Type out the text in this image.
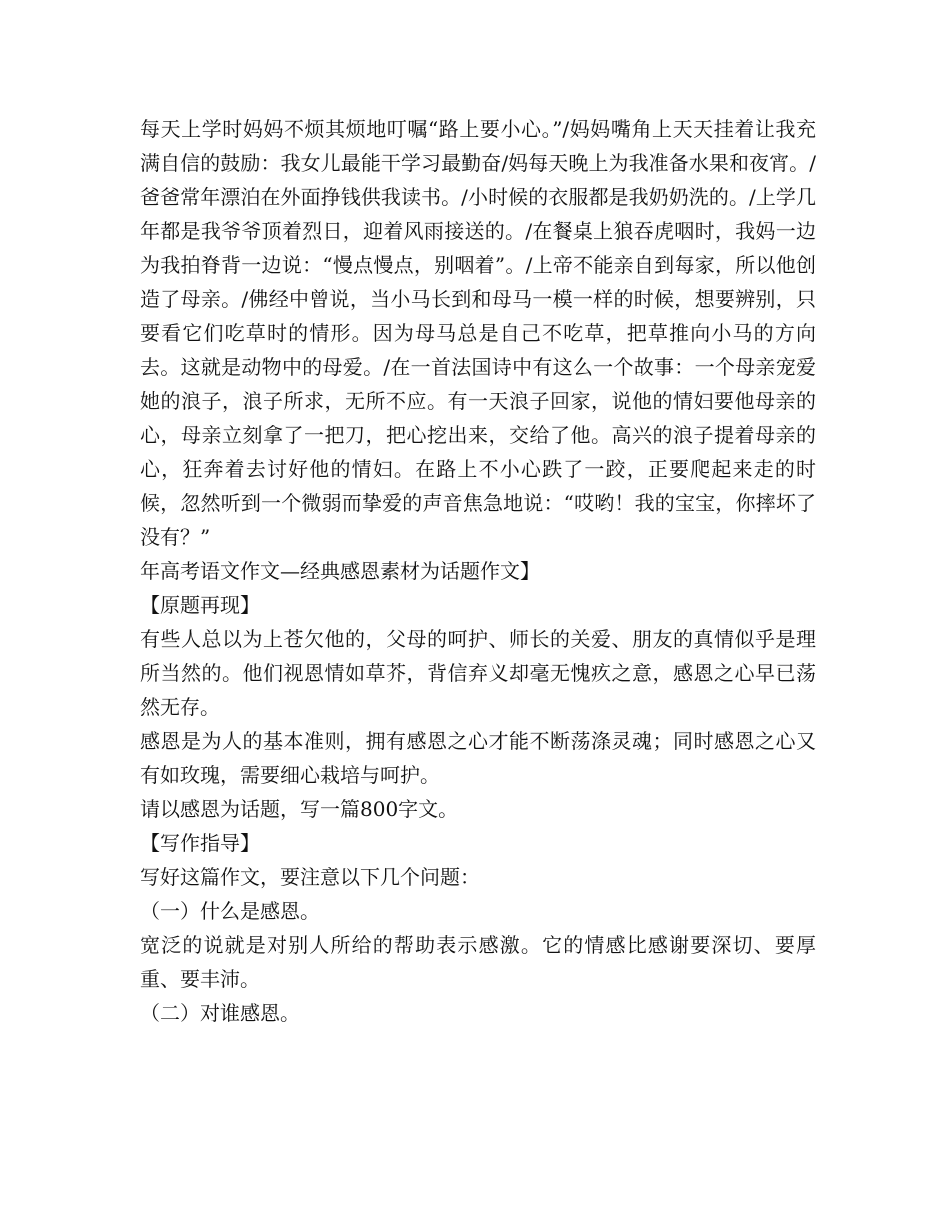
每天上学时妈妈不烦其烦地叮嘱“路上要小心。”/妈妈嘴角上天天挂着让我充满自信的鼓励：我女儿最能干学习最勤奋/妈每天晚上为我准备水果和夜宵。/爸爸常年漂泊在外面挣钱供我读书。/小时候的衣服都是我奶奶洗的。/上学几年都是我爷爷顶着烈日，迎着风雨接送的。/在餐桌上狼吞虎咽时，我妈一边为我拍脊背一边说：“慢点慢点，别咽着”。/上帝不能亲自到每家，所以他创造了母亲。/佛经中曾说，当小马长到和母马一模一样的时候，想要辨别，只要看它们吃草时的情形。因为母马总是自己不吃草，把草推向小马的方向去。这就是动物中的母爱。/在一首法国诗中有这么一个故事：一个母亲宠爱她的浪子，浪子所求，无所不应。有一天浪子回家，说他的情妇要他母亲的心，母亲立刻拿了一把刀，把心挖出来，交给了他。高兴的浪子提着母亲的心，狂奔着去讨好他的情妇。在路上不小心跌了一跤，正要爬起来走的时候，忽然听到一个微弱而挚爱的声音焦急地说：“哎哟！我的宝宝，你摔坏了没有？”

年高考语文作文—经典感恩素材为话题作文】

【原题再现】

有些人总以为上苍欠他的，父母的呵护、师长的关爱、朋友的真情似乎是理所当然的。他们视恩情如草芥，背信弃义却毫无愧疚之意，感恩之心早已荡然无存。

感恩是为人的基本准则，拥有感恩之心才能不断荡涤灵魂；同时感恩之心又有如玫瑰，需要细心栽培与呵护。

请以感恩为话题，写一篇800字文。

【写作指导】

写好这篇作文，要注意以下几个问题：

（一）什么是感恩。

宽泛的说就是对别人所给的帮助表示感激。它的情感比感谢要深切、要厚重、要丰沛。

（二）对谁感恩。
